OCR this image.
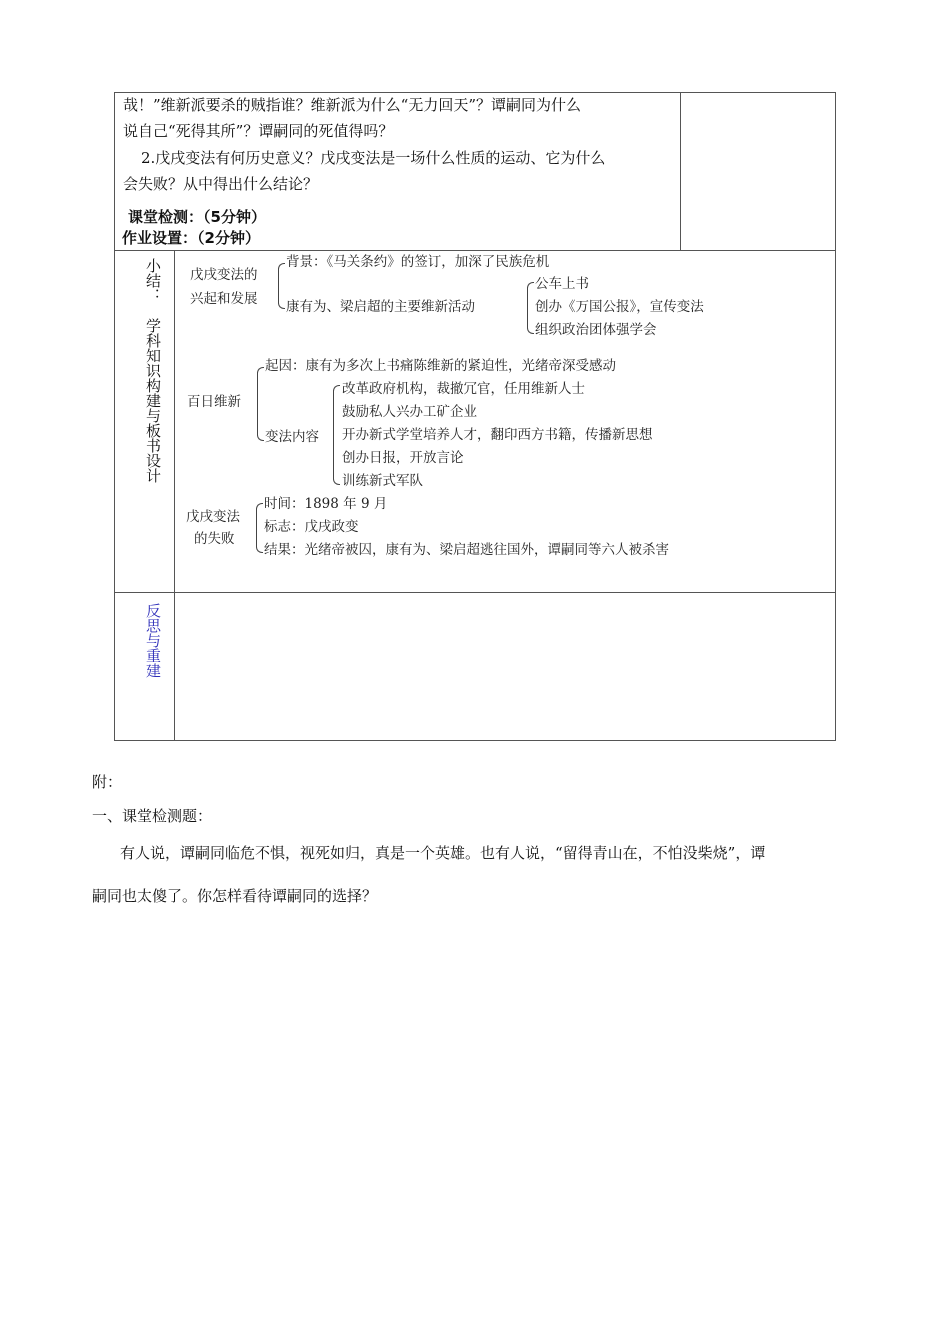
哉！”维新派要杀的贼指谁？维新派为什么“无力回天”？谭嗣同为什么
说自己“死得其所”？谭嗣同的死值得吗？
2.戊戌变法有何历史意义？戊戌变法是一场什么性质的运动、它为什么
会失败？从中得出什么结论？
课堂检测：（5分钟）
作业设置：（2分钟）
小结：
学科知识构建与板书设计
戊戌变法的
兴起和发展
背景：《马关条约》的签订，加深了民族危机
康有为、梁启超的主要维新活动
公车上书
创办《万国公报》，宣传变法
组织政治团体强学会
百日维新
起因：康有为多次上书痛陈维新的紧迫性，光绪帝深受感动
变法内容
改革政府机构，裁撤冗官，任用维新人士
鼓励私人兴办工矿企业
开办新式学堂培养人才，翻印西方书籍，传播新思想
创办日报，开放言论
训练新式军队
戊戌变法
的失败
时间：1898 年 9 月
标志：戊戌政变
结果：光绪帝被囚，康有为、梁启超逃往国外，谭嗣同等六人被杀害
反思与重建
附：
一、课堂检测题：
有人说，谭嗣同临危不惧，视死如归，真是一个英雄。也有人说，“留得青山在，不怕没柴烧”，谭
嗣同也太傻了。你怎样看待谭嗣同的选择？
